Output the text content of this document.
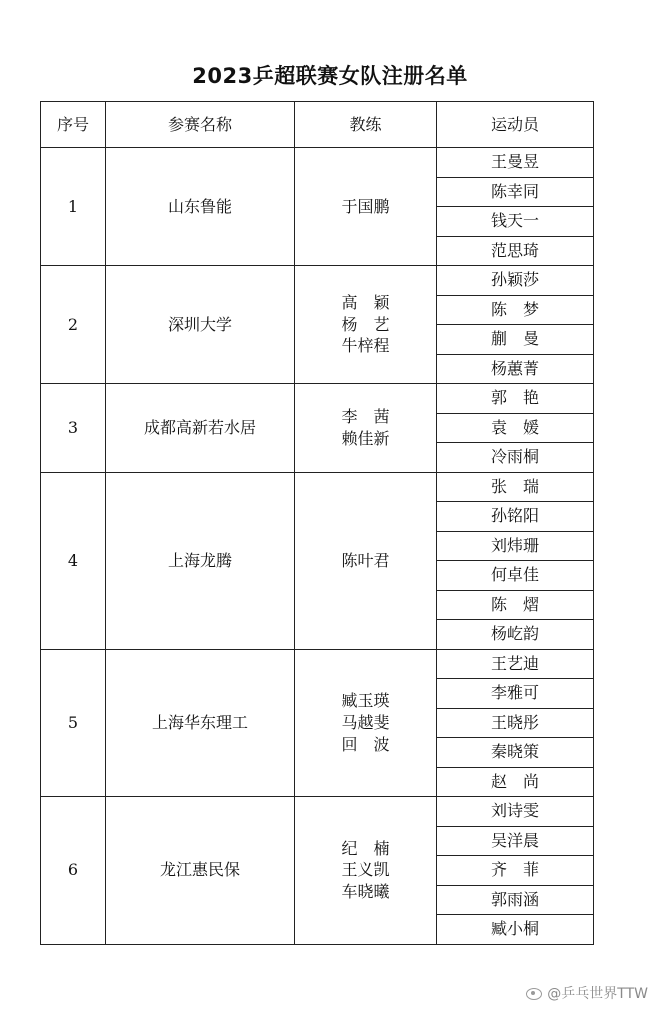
2023乒超联赛女队注册名单
序号	参赛名称	教练	运动员
1	山东鲁能	于国鹏	王曼昱
			陈幸同
			钱天一
			范思琦
2	深圳大学	高　颖
杨　艺
牛梓程	孙颖莎
			陈　梦
			蒯　曼
			杨蕙菁
3	成都高新若水居	李　茜
赖佳新	郭　艳
			袁　媛
			冷雨桐
4	上海龙腾	陈叶君	张　瑞
			孙铭阳
			刘炜珊
			何卓佳
			陈　熠
			杨屹韵
5	上海华东理工	臧玉瑛
马越斐
回　波	王艺迪
			李雅可
			王晓彤
			秦晓策
			赵　尚
6	龙江惠民保	纪　楠
王义凯
车晓曦	刘诗雯
			吴洋晨
			齐　菲
			郭雨涵
			臧小桐
@乒乓世界TTW
